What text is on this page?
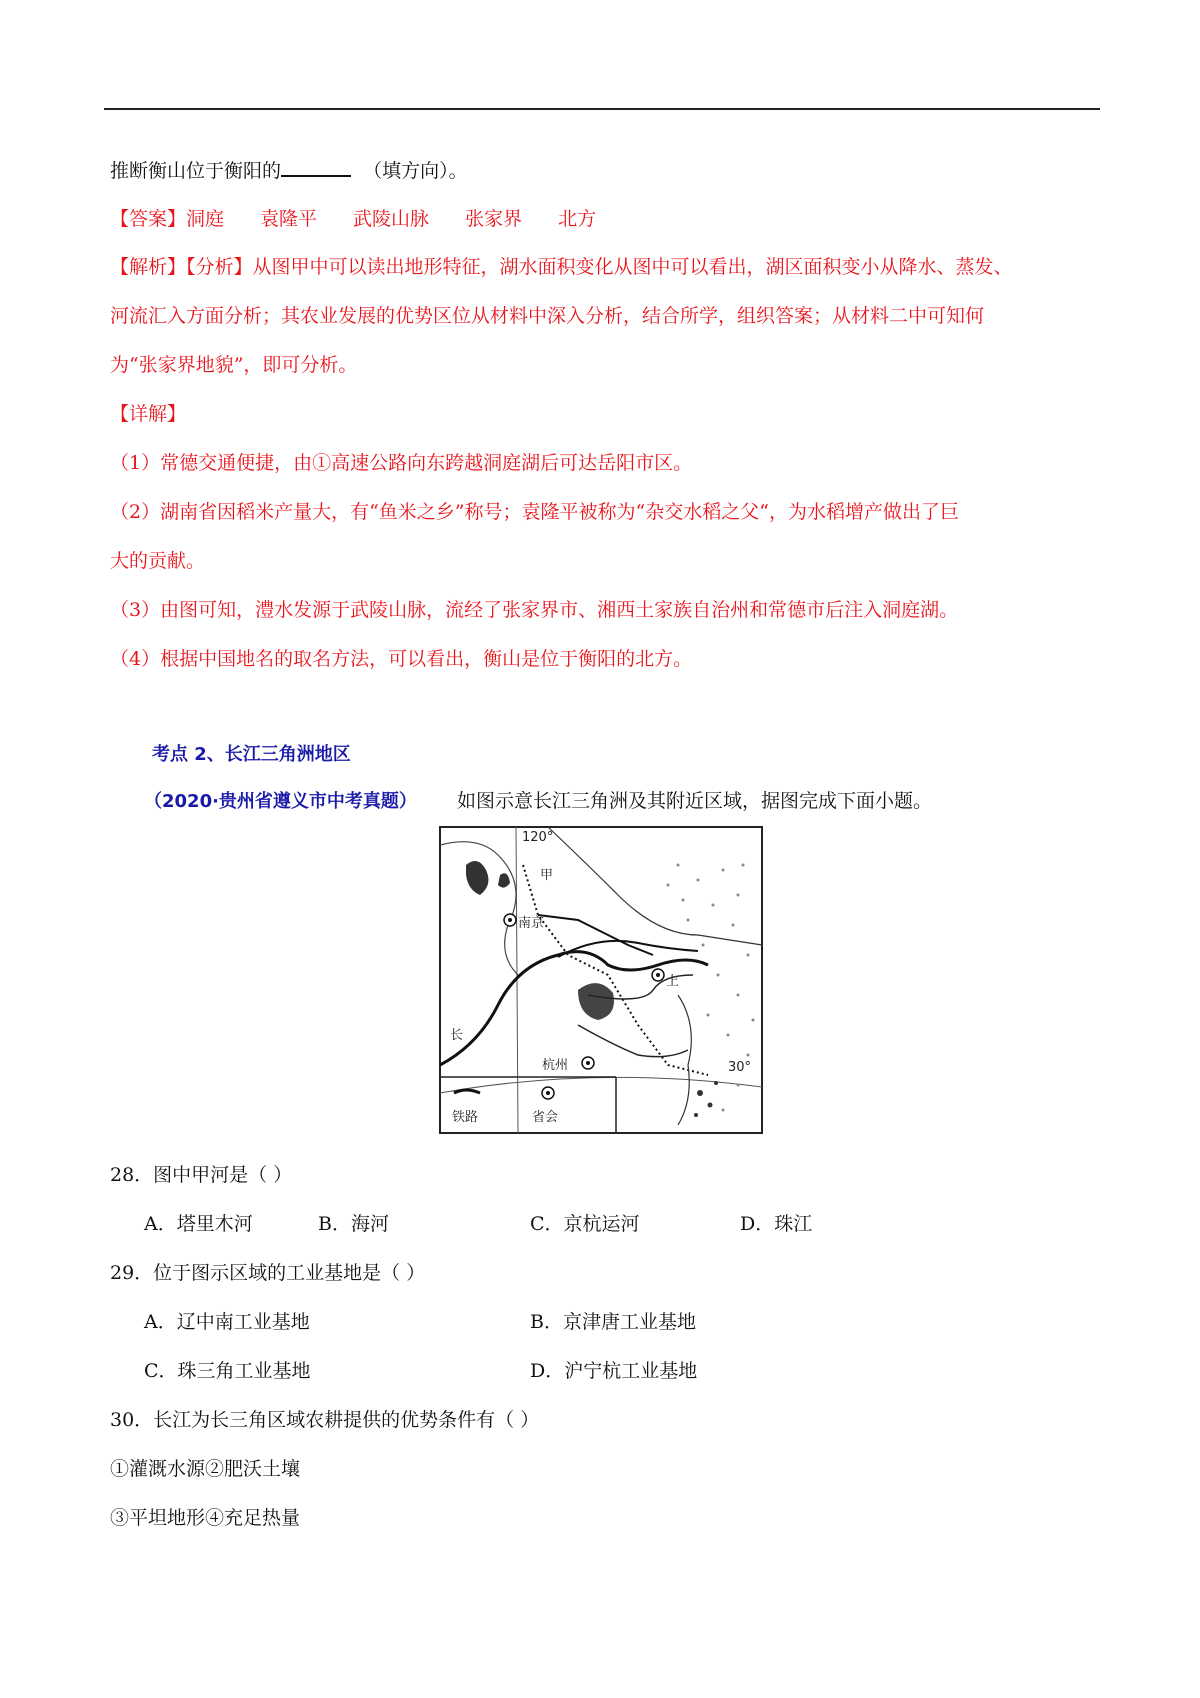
推断衡山位于衡阳的	（填方向）。
【答案】洞庭 袁隆平 武陵山脉 张家界 北方
【解析】【分析】从图甲中可以读出地形特征，湖水面积变化从图中可以看出，湖区面积变小从降水、蒸发、
河流汇入方面分析；其农业发展的优势区位从材料中深入分析，结合所学，组织答案；从材料二中可知何
为“张家界地貌”，即可分析。
【详解】
（1）常德交通便捷，由①高速公路向东跨越洞庭湖后可达岳阳市区。
（2）湖南省因稻米产量大，有“鱼米之乡”称号；袁隆平被称为“杂交水稻之父“，为水稻增产做出了巨
大的贡献。
（3）由图可知，澧水发源于武陵山脉，流经了张家界市、湘西土家族自治州和常德市后注入洞庭湖。
（4）根据中国地名的取名方法，可以看出，衡山是位于衡阳的北方。
考点 2、长江三角洲地区
（2020·贵州省遵义市中考真题） 如图示意长江三角洲及其附近区域，据图完成下面小题。
120°
30°
甲
南京
杭州
上
长
铁路	省会
28．图中甲河是（ ）
A．塔里木河	B．海河	C．京杭运河	D．珠江
29．位于图示区域的工业基地是（ ）
A．辽中南工业基地	B．京津唐工业基地
C．珠三角工业基地	D．沪宁杭工业基地
30．长江为长三角区域农耕提供的优势条件有（ ）
①灌溉水源②肥沃土壤
③平坦地形④充足热量
